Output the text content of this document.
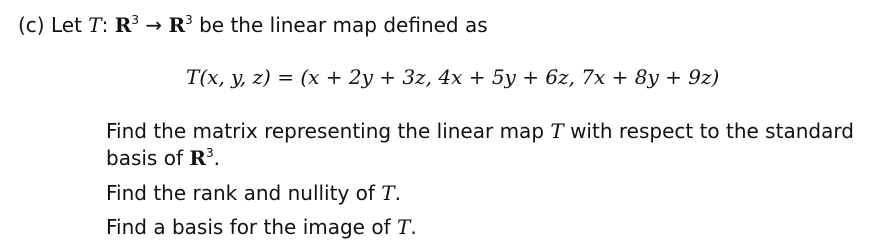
(c) Let T: $R^3 \to R^3$ be the linear map defined as
T(x, y, z) = (x + 2y + 3z, 4x + 5y + 6z, 7x + 8y + 9z)
Find the matrix representing the linear map T with respect to the standard basis of $R^3$.
Find the rank and nullity of T.
Find a basis for the image of T.
